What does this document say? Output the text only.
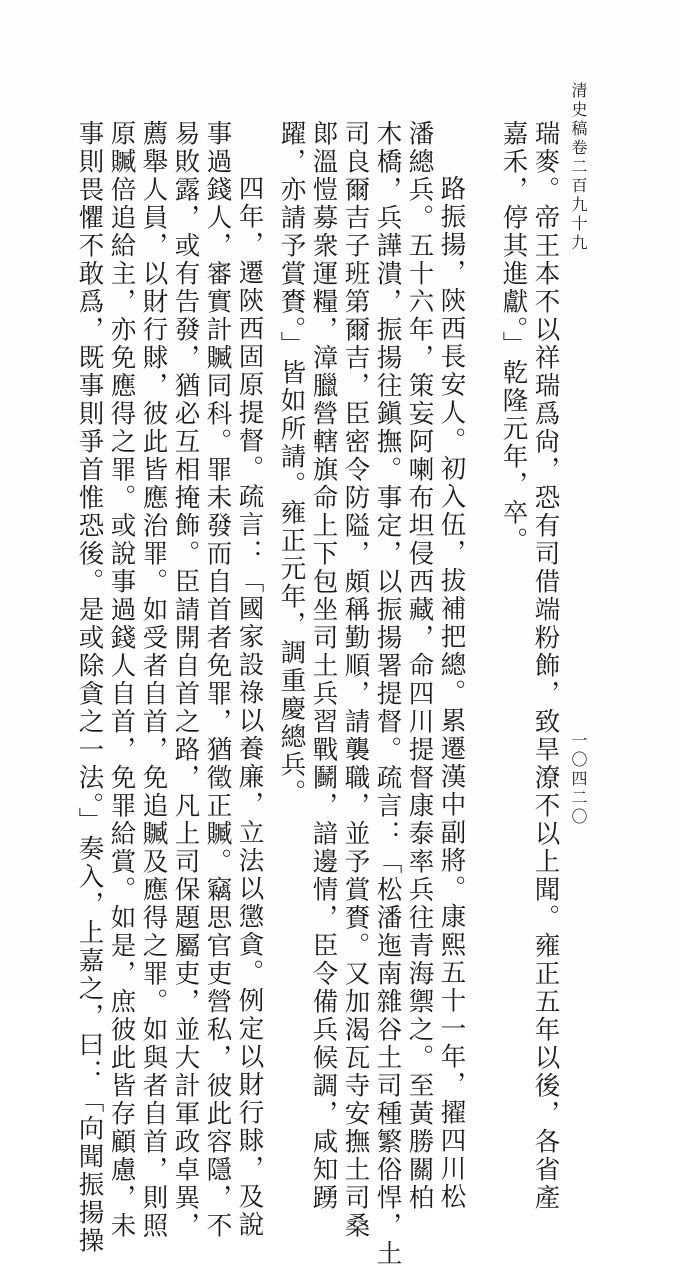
清史稿卷二百九十九
一〇四二〇
瑞麥。帝王本不以祥瑞爲尙，恐有司借端粉飾，致旱潦不以上聞。雍正五年以後，各省產
嘉禾，停其進獻。」乾隆元年，卒。
路振揚，陝西長安人。初入伍，拔補把總。累遷漢中副將。康熙五十一年，擢四川松
潘總兵。五十六年，策妄阿喇布坦侵西藏，命四川提督康泰率兵往青海禦之。至黃勝關柏
木橋，兵譁潰，振揚往鎭撫。事定，以振揚署提督。疏言：「松潘迤南雜谷土司種繁俗悍，土
司良爾吉子班第爾吉，臣密令防隘，頗稱勤順，請襲職，並予賞賚。又加渴瓦寺安撫土司桑
郞溫愷募衆運糧，漳臘營轄旗命上下包坐司土兵習戰鬭，諳邊情，臣令備兵候調，咸知踴
躍，亦請予賞賚。」皆如所請。雍正元年，調重慶總兵。
四年，遷陝西固原提督。疏言：「國家設祿以養廉，立法以懲貪。例定以財行賕，及說
事過錢人，審實計贓同科。罪未發而自首者免罪，猶徵正贓。竊思官吏營私，彼此容隱，不
易敗露，或有告發，猶必互相掩飾。臣請開自首之路，凡上司保題屬吏，並大計軍政卓異，
薦舉人員，以財行賕，彼此皆應治罪。如受者自首，免追贓及應得之罪。如與者自首，則照
原贓倍追給主，亦免應得之罪。或說事過錢人自首，免罪給賞。如是，庶彼此皆存顧慮，未
事則畏懼不敢爲，既事則爭首惟恐後。是或除貪之一法。」奏入，上嘉之，曰：「向聞振揚操
